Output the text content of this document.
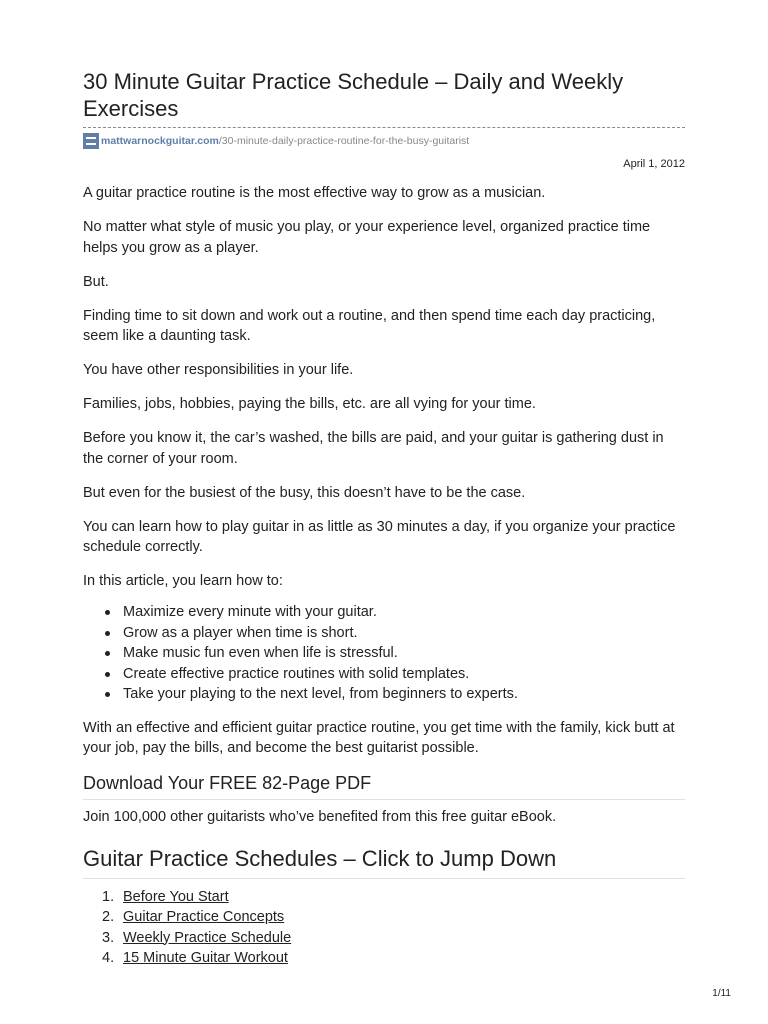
30 Minute Guitar Practice Schedule – Daily and Weekly Exercises
mattwarnockguitar.com/30-minute-daily-practice-routine-for-the-busy-guitarist
April 1, 2012

A guitar practice routine is the most effective way to grow as a musician.

No matter what style of music you play, or your experience level, organized practice time helps you grow as a player.

But.

Finding time to sit down and work out a routine, and then spend time each day practicing, seem like a daunting task.

You have other responsibilities in your life.

Families, jobs, hobbies, paying the bills, etc. are all vying for your time.

Before you know it, the car’s washed, the bills are paid, and your guitar is gathering dust in the corner of your room.

But even for the busiest of the busy, this doesn’t have to be the case.

You can learn how to play guitar in as little as 30 minutes a day, if you organize your practice schedule correctly.

In this article, you learn how to:

Maximize every minute with your guitar.
Grow as a player when time is short.
Make music fun even when life is stressful.
Create effective practice routines with solid templates.
Take your playing to the next level, from beginners to experts.

With an effective and efficient guitar practice routine, you get time with the family, kick butt at your job, pay the bills, and become the best guitarist possible.

Download Your FREE 82-Page PDF

Join 100,000 other guitarists who’ve benefited from this free guitar eBook.

Guitar Practice Schedules – Click to Jump Down
1. Before You Start
2. Guitar Practice Concepts
3. Weekly Practice Schedule
4. 15 Minute Guitar Workout
1/11
